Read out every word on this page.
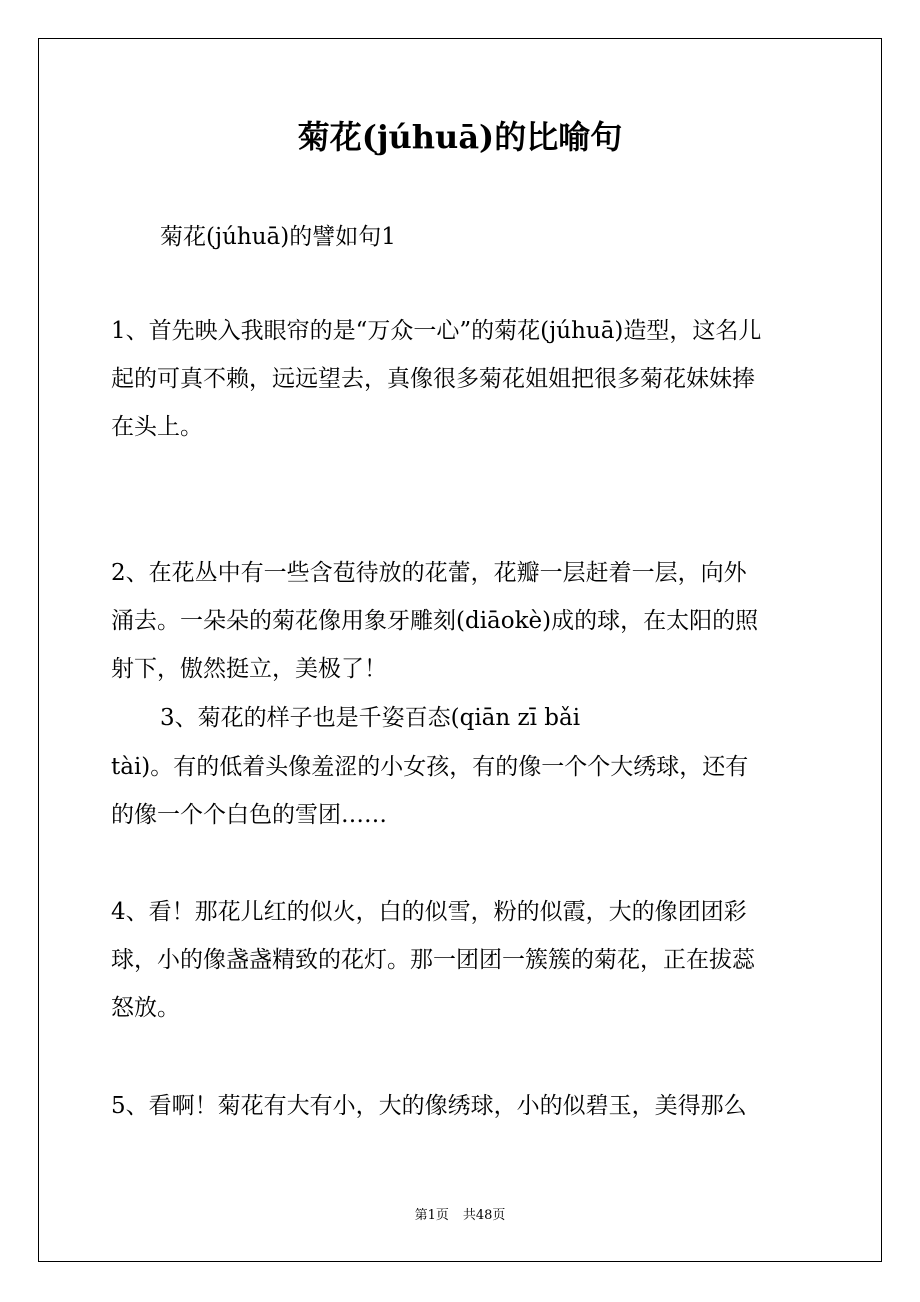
菊花(júhuā)的比喻句
菊花(júhuā)的譬如句1
1、首先映入我眼帘的是“万众一心”的菊花(júhuā)造型，这名儿
起的可真不赖，远远望去，真像很多菊花姐姐把很多菊花妹妹捧
在头上。
2、在花丛中有一些含苞待放的花蕾，花瓣一层赶着一层，向外
涌去。一朵朵的菊花像用象牙雕刻(diāokè)成的球，在太阳的照
射下，傲然挺立，美极了！
3、菊花的样子也是千姿百态(qiān zī bǎi
tài)。有的低着头像羞涩的小女孩，有的像一个个大绣球，还有
的像一个个白色的雪团……
4、看！那花儿红的似火，白的似雪，粉的似霞，大的像团团彩
球，小的像盏盏精致的花灯。那一团团一簇簇的菊花，正在拔蕊
怒放。
5、看啊！菊花有大有小，大的像绣球，小的似碧玉，美得那么
第1页 共48页
